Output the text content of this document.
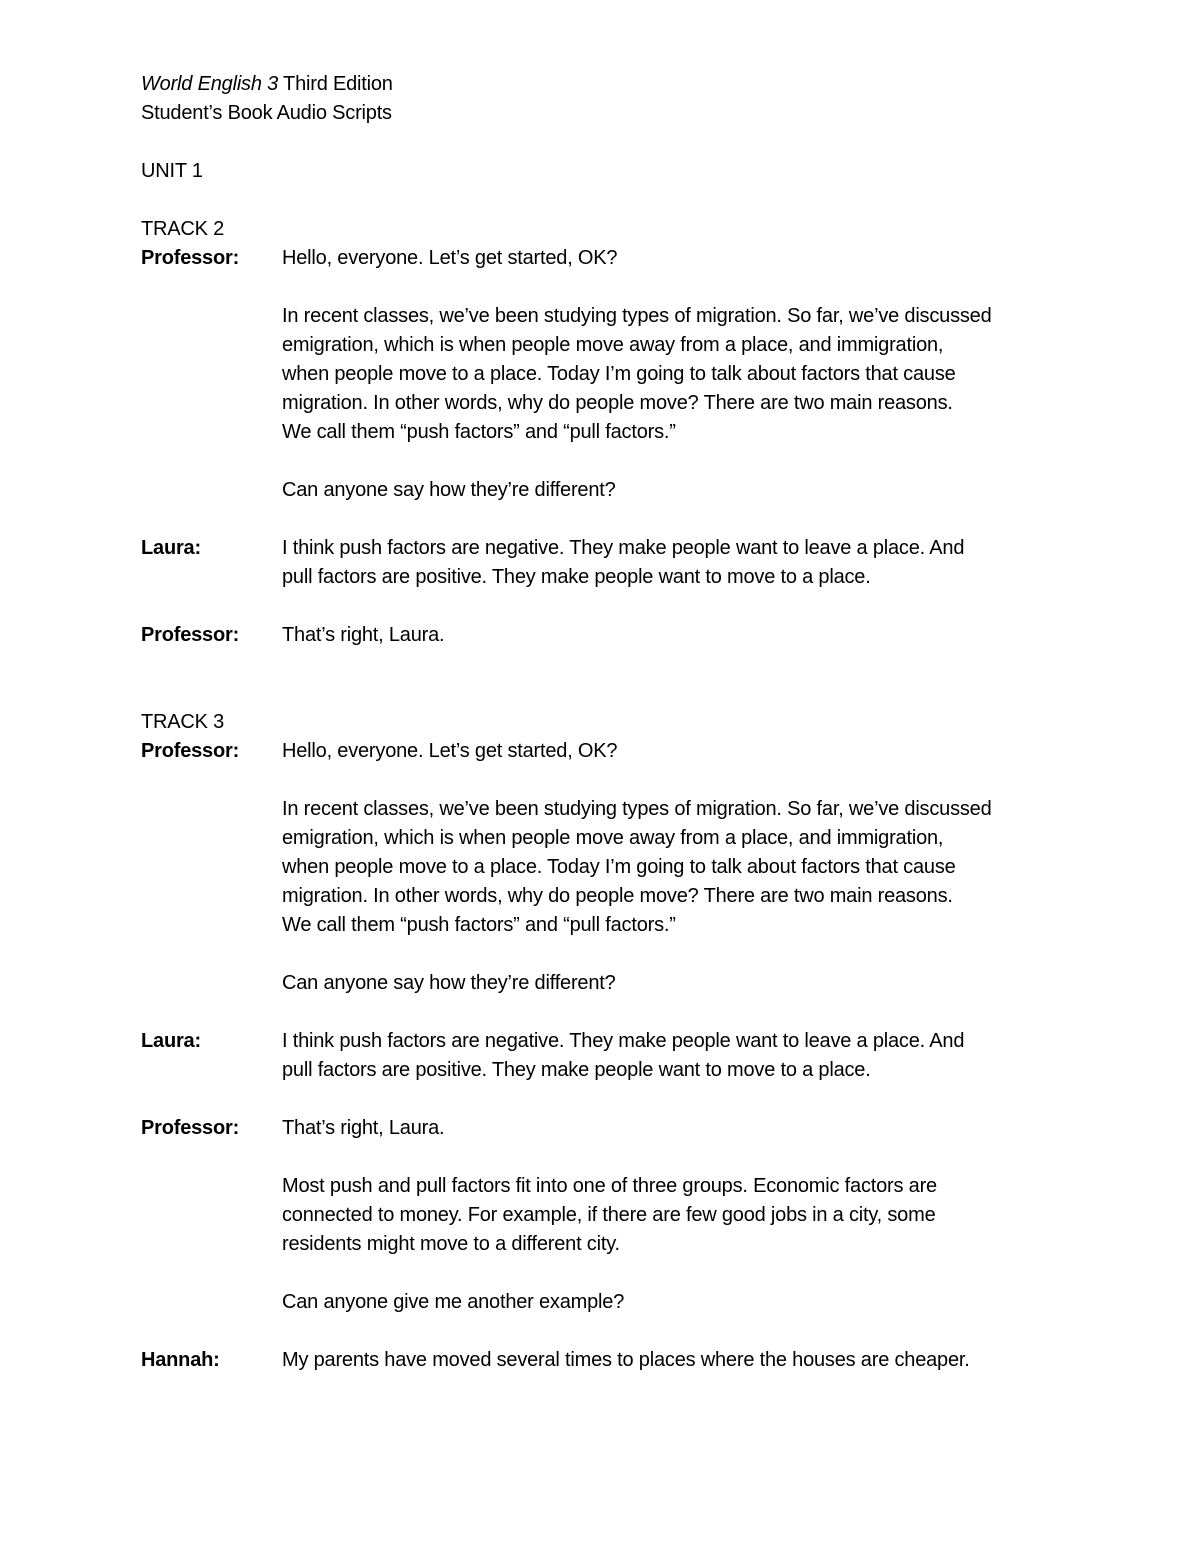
World English 3 Third Edition
Student’s Book Audio Scripts
UNIT 1
TRACK 2
Professor:	Hello, everyone. Let’s get started, OK?
In recent classes, we’ve been studying types of migration. So far, we’ve discussed
emigration, which is when people move away from a place, and immigration,
when people move to a place. Today I’m going to talk about factors that cause
migration. In other words, why do people move? There are two main reasons.
We call them “push factors” and “pull factors.”
Can anyone say how they’re different?
Laura:	I think push factors are negative. They make people want to leave a place. And
pull factors are positive. They make people want to move to a place.
Professor:	That’s right, Laura.
TRACK 3
Professor:	Hello, everyone. Let’s get started, OK?
In recent classes, we’ve been studying types of migration. So far, we’ve discussed
emigration, which is when people move away from a place, and immigration,
when people move to a place. Today I’m going to talk about factors that cause
migration. In other words, why do people move? There are two main reasons.
We call them “push factors” and “pull factors.”
Can anyone say how they’re different?
Laura:	I think push factors are negative. They make people want to leave a place. And
pull factors are positive. They make people want to move to a place.
Professor:	That’s right, Laura.
Most push and pull factors fit into one of three groups. Economic factors are
connected to money. For example, if there are few good jobs in a city, some
residents might move to a different city.
Can anyone give me another example?
Hannah:	My parents have moved several times to places where the houses are cheaper.
